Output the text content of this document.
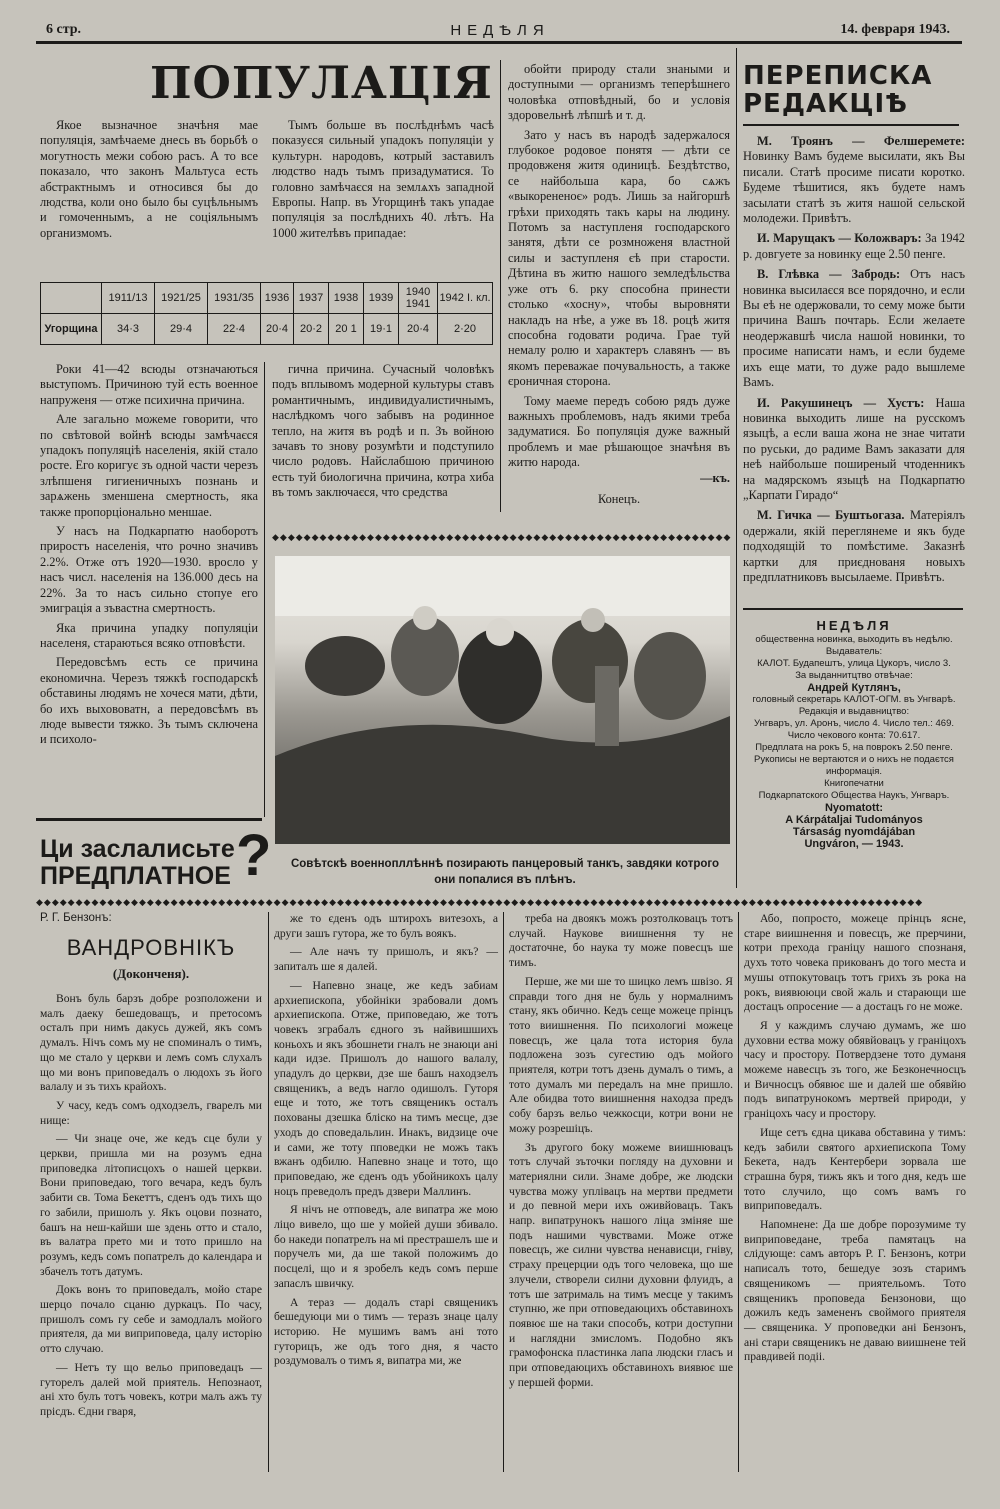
6 стр.	НЕДѢЛЯ	14. февраря 1943.
ПОПУЛАЦІЯ

Якое вызначное значѣня мае популяція, замѣчаеме днесь въ борьбѣ о могутность межи собою расъ. А то все показало, что законъ Мальтуса есть абстрактнымъ и относився бы до людства, коли оно было бы суцѣльнымъ и гомоченнымъ, а не соціяльнымъ организмомъ.

Тымъ больше въ послѣднѣмъ часѣ показуєся сильный упадокъ популяціи у культурн. народовъ, котрый заставилъ людство надъ тымъ призадуматися. То головно замѣчаєся на землѧхъ западной Европы. Напр. въ Угорщинѣ такъ упадае популяція за послѣднихъ 40. лѣтъ. На 1000 жителѣвъ припадае:

	1911/13	1921/25	1931/35	1936	1937	1938	1939	1940 1941	1942 I. кл.
Угорщина	34·3	29·4	22·4	20·4	20·2	20 1	19·1	20·4	2·20

Роки 41—42 всюды отзначаються выступомъ. Причиною туй есть военное напруженя — отже психична причина.

Але загально можеме говорити, что по свѣтовой войнѣ всюды замѣчаєся упадокъ популяціѣ населенія, якій стало росте. Его коригує зъ одной части черезъ злѣпшеня гигиеничныхъ познань и зарѧжень зменшена смертность, яка также пропорціонально меншае.

У насъ на Подкарпатю наоборотъ приростъ населенія, что рочно значивъ 2.2%. Отже отъ 1920—1930. вросло у насъ числ. населенія на 136.000 десь на 22%. За то насъ сильно стопуе его эмиграція а зъвастна смертность.

Яка причина упадку популяціи населеня, стараються всяко отповѣсти.

Передовсѣмъ есть се причина економична. Черезъ тяжкѣ господарскѣ обставины людямъ не хочеся мати, дѣти, бо ихъ выхововатн, а передовсѣмъ въ люде вывести тяжко. Зъ тымъ сключена и психоло-

гична причина. Сучасный чоловѣкъ подъ вплывомъ модерной культуры ставъ романтичнымъ, индивидуалистичнымъ, наслѣдкомъ чого забывъ на родинное тепло, на житя въ родѣ и п. Зъ войною зачавъ то знову розумѣти и подступило число родовъ. Найслабшою причиною есть туй биологична причина, котра хиба въ томъ заключаєся, что средства

обойти природу стали знаными и доступными — организмъ теперѣшнего чоловѣка отповѣдный, бо и условія здоровельнѣ лѣпшѣ и т. д.

Зато у насъ въ народѣ задержалося глубокое родовое понятя — дѣти се продовженя житя одиницѣ. Бездѣтство, се найбольша кара, бо сѧжъ «выкорененоє» родъ. Лишь за найгоршѣ грѣхи приходять такъ кары на людину. Потомъ за наступленя господарского занятя, дѣти се розмноженя властной силы и заступленя єѣ при старости. Дѣтина въ житю нашого земледѣльства уже отъ 6. рку способна принести столько «хосну», чтобы выровняти накладъ на нѣе, а уже въ 18. роцѣ житя способна годовати родича. Грае туй немалу ролю и характеръ славянъ — въ якомъ переважае почувальность, а также єроничная сторона.

Тому маеме передъ собою рядъ дуже важныхъ проблемовъ, надъ якими треба задуматися. Бо популяція дуже важный проблемъ и мае рѣшающое значѣня въ житю народа.

—къ.
Конецъ.
ПЕРЕПИСКА
РЕДАКЦІѢ

М. Троянъ — Фелшеремете: Новинку Вамъ будеме высилати, якъ Вы писали. Статѣ просиме писати коротко. Будеме тѣшитися, якъ будете намъ засылати статѣ зъ житя нашой сельской молодежи. Привѣтъ.

И. Марущакъ — Коложваръ: За 1942 р. довгуете за новинку еще 2.50 пенге.

В. Глѣвка — Забродь: Отъ насъ новинка высилаєся все порядочно, и если Вы еѣ не одержовали, то сему може быти причина Вашъ почтарь. Если желаете неодержавшѣ числа нашой новинки, то просиме написати намъ, и если будеме ихъ еще мати, то дуже радо вышлеме Вамъ.

И. Ракушинецъ — Хустъ: Наша новинка выходить лише на русскомъ языцѣ, а если ваша жона не знае читати по руськи, до радиме Вамъ заказати для неѣ найбольше поширеный чтоденникъ на мадярскомъ языцѣ на Подкарпатю „Карпати Гирадо“

М. Гичка — Буштьогаза. Матеріялъ одержали, якій переглянеме и якъ буде подходящій то помѣстиме. Заказнѣ картки для приєднованя новыхъ предплатниковъ высылаеме. Привѣтъ.

НЕДѢЛЯ
общественна новинка, выходить въ недѣлю.
Выдаватель:
КАЛОТ. Будапештъ, улица Цукоръ, число 3.
За выданнитцтво отвѣчае:
Андрей Кутлянъ,
головный секретарь КАЛОТ-ОГМ. въ Унгварѣ.
Редакція и выдавництво:
Унгваръ, ул. Аронъ, число 4. Число тел.: 469.
Число чекового конта: 70.617.
Предплата на рокъ 5, на поврокъ 2.50 пенге.
Рукописы не вертаются и о нихъ не подаєтся информація.
Книгопечатни
Подкарпатского Общества Наукъ, Унгваръ.
Nyomatott:
A Kárpátaljai Tudományos
Társaság nyomdájában
Ungváron, — 1943.
◆◆◆◆◆◆◆◆◆◆◆◆◆◆◆◆◆◆◆◆◆◆◆◆◆◆◆◆◆◆◆◆◆◆◆◆◆◆◆◆◆◆◆◆◆◆◆◆◆◆◆◆◆◆◆◆◆◆
Совѣтскѣ военнопллѣннѣ позирають панцеровый танкъ, завдяки котрого
они попалися въ плѣнъ.
Ци заслалисьте
ПРЕДПЛАТНОЕ ?
◆◆◆◆◆◆◆◆◆◆◆◆◆◆◆◆◆◆◆◆◆◆◆◆◆◆◆◆◆◆◆◆◆◆◆◆◆◆◆◆◆◆◆◆◆◆◆◆◆◆◆◆◆◆◆◆◆◆◆◆◆◆◆◆◆◆◆◆◆◆◆◆◆◆◆◆◆◆◆◆◆◆◆◆◆◆◆◆◆◆◆◆◆◆◆◆◆◆◆◆◆◆◆◆◆◆◆◆◆◆◆◆
Р. Г. Бензонъ:
ВАНДРОВНІКЪ
(Доконченя).

Вонъ буль барзъ добре розположени и малъ даеку бешедоващъ, и претосомъ осталъ при нимъ дакусь дужей, якъ сомъ думалъ. Нічъ сомъ му не споминалъ о тимъ, що ме стало у церкви и лемъ сомъ слухалъ що ми вонъ приповедалъ о людохъ зъ його валалу и зъ тихъ крайохъ.

У часу, кедъ сомъ одходзелъ, гварелъ ми нище:

— Чи знаце оче, же кедъ сце були у церкви, пришла ми на розумъ една приповедка літописцохъ о нашей церкви. Вони приповедаю, того вечара, кедъ булъ забити св. Тома Бекеттъ, сденъ одъ тихъ що го забили, пришолъ у. Якъ оцови познато, башъ на неш-кайши ше здень отто и стало, въ валатра прето ми и тото пришло на розумъ, кедъ сомъ попатрелъ до календара и збачелъ тотъ датумъ.

Докъ вонъ то приповедалъ, мойо старе шерцо почало сцаню дуркацъ. По часу, пришолъ сомъ гу себе и замодлалъ мойого приятеля, да ми виприповеда, цалу исторію отто случаю.

— Нетъ ту що вельо приповедацъ — гуторелъ далей мой приятель. Непознаот, ані хто булъ тотъ човекъ, котри малъ ажъ ту прісдъ. Єдни гваря,

же то єденъ одъ штирохъ витезохъ, а други зашъ гутора, же то булъ воякъ.

— Але начъ ту пришолъ, и якъ? — запиталъ ше я далей.

— Напевно знаце, же кедъ забиам архиепископа, убойніки зрабовали домъ архиепископа. Отже, приповедаю, же тотъ човекъ зграбалъ єдного зъ найвишшихъ коньохъ и якъ збошнети гналъ не знаюци ані кади идзе. Пришолъ до нашого валалу, упадулъ до церкви, дзе ше башъ находзелъ священикъ, а ведъ нагло одишолъ. Гуторя еще и тото, же тотъ священикъ осталъ похованы дзешка бліско на тимъ месце, дзе уходъ до споведальлин. Инакъ, видзице оче и сами, же тоту пповедки не можъ такъ вжанъ одбилю. Напевно знаце и тото, що приповедаю, же єденъ одъ убойникохъ цалу ноцъ преведолъ предъ дзвери Маллинъ.

Я нічъ не отповедъ, але випатра же мою ліцо вивело, що ше у мойей души збивало. бо накеди попатрелъ на мі престрашелъ ше и поручелъ ми, да ше такой положимъ до посцелі, що и я зробелъ кедъ сомъ перше запаслъ швичку.

А тераз — додалъ старі священикъ бешедуюци ми о тимъ — теразъ знаце цалу историю. Не мушимъ вамъ ані тото гуторицъ, же одъ того дня, я часто роздумовалъ о тимъ я, випатра ми, же

треба на двоякъ можъ розтолковацъ тотъ случай. Наукове виишнення ту не достаточне, бо наука ту може повесцъ ше тимъ.

Перше, же ми ше то шицко лемъ швізо. Я справди того дня не буль у нормалнимъ стану, якъ обично. Кедъ сеще можеце прінцъ тото виишнення. По психологиі можеце повесцъ, же цала тота история була подложена зозъ сугестию одъ мойого приятеля, котри тотъ дзень думалъ о тимъ, а тото думалъ ми передалъ на мне пришло. Але обидва тото виишнення находза предъ собу барзъ вельо чежкосци, котри вони не можу розрешіцъ.

Зъ другого боку можеме виишнювацъ тотъ случай зъточки погляду на духовни и материялни сили. Знаме добре, же людски чувства можу уплівацъ на мертви предмети и до певной мери ихъ оживйовацъ. Такъ напр. випатрунокъ нашого ліца зміняе ше подъ нашими чувствами. Може отже повесцъ, же силни чувства ненависци, гніву, страху прецерции одъ того человека, що ше злучели, створели силни духовни флуидъ, а тотъ ше затрималь на тимъ месце у такимъ ступню, же при отповедаюцихъ обставинохъ появює ше на таки способъ, котри доступни и наглядни змисломъ. Подобно якъ грамофонска пластинка лапа людски гласъ и при отповедаюцихъ обставинохъ виявює ше у першей форми.

Або, попросто, можеце прінцъ ясне, старе виишнення и повесцъ, же прерчини, котри прехода граніцу нашого спознаня, духъ тото човека прикованъ до того места и мушы отпокутовацъ тотъ грихъ зъ рока на рокъ, виявююци свой жаль и старающи ше достацъ опросение — а достацъ го не може.

Я у каждимъ случаю думамъ, же шо духовни ества можу обявйовацъ у граніцохъ часу и простору. Потвердзене тото думаня можеме навесцъ зъ того, же Безконечносцъ и Вичносцъ обявює ше и далей ше обявйю подъ випатрунокомъ мертвей природи, у граніцохъ часу и простору.

Ище сетъ єдна цикава обставина у тимъ: кедъ забили святого архиепископа Тому Бекета, надъ Кентербери зорвала ше страшна буря, тижъ якъ и того дня, кедъ ше тото случило, що сомъ вамъ го виприповедалъ.

Напомнене: Да ше добре порозумиме ту виприповедане, треба памятацъ на слідующе: самъ авторъ Р. Г. Бензонъ, котри написалъ тото, бешедуе зозъ старимъ священикомъ — приятельомъ. Тото священикъ проповеда Бензонови, що дожилъ кедъ замененъ своймого приятеля — священика. У проповедки ані Бензонъ, ані стари священикъ не даваю виишнене тей правдивей подіі.
